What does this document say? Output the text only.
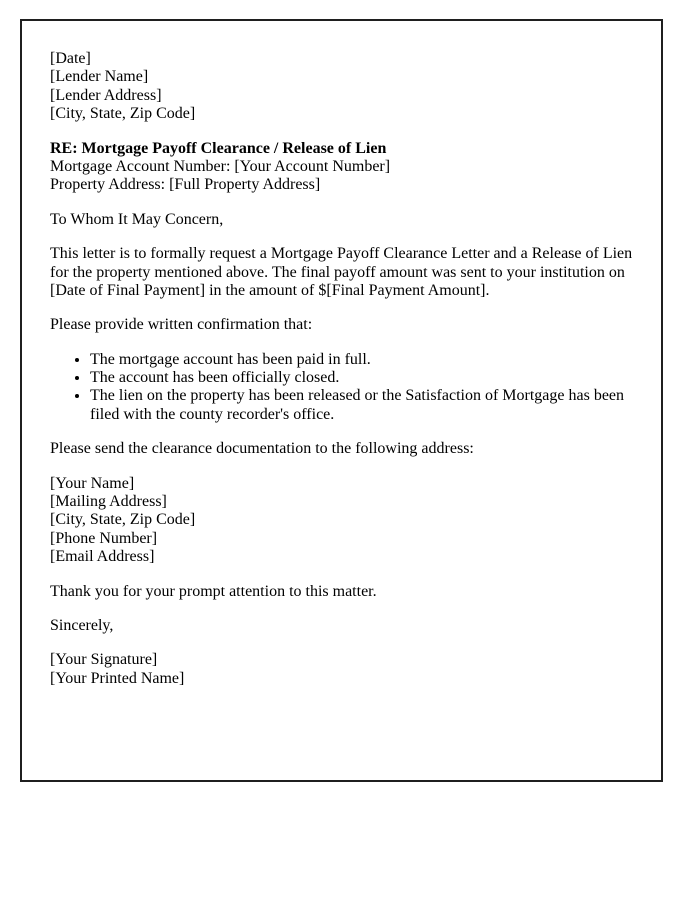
[Date]
[Lender Name]
[Lender Address]
[City, State, Zip Code]

RE: Mortgage Payoff Clearance / Release of Lien
Mortgage Account Number: [Your Account Number]
Property Address: [Full Property Address]

To Whom It May Concern,

This letter is to formally request a Mortgage Payoff Clearance Letter and a Release of Lien for the property mentioned above. The final payoff amount was sent to your institution on [Date of Final Payment] in the amount of $[Final Payment Amount].

Please provide written confirmation that:

• The mortgage account has been paid in full.
• The account has been officially closed.
• The lien on the property has been released or the Satisfaction of Mortgage has been filed with the county recorder's office.

Please send the clearance documentation to the following address:

[Your Name]
[Mailing Address]
[City, State, Zip Code]
[Phone Number]
[Email Address]

Thank you for your prompt attention to this matter.

Sincerely,

[Your Signature]
[Your Printed Name]
